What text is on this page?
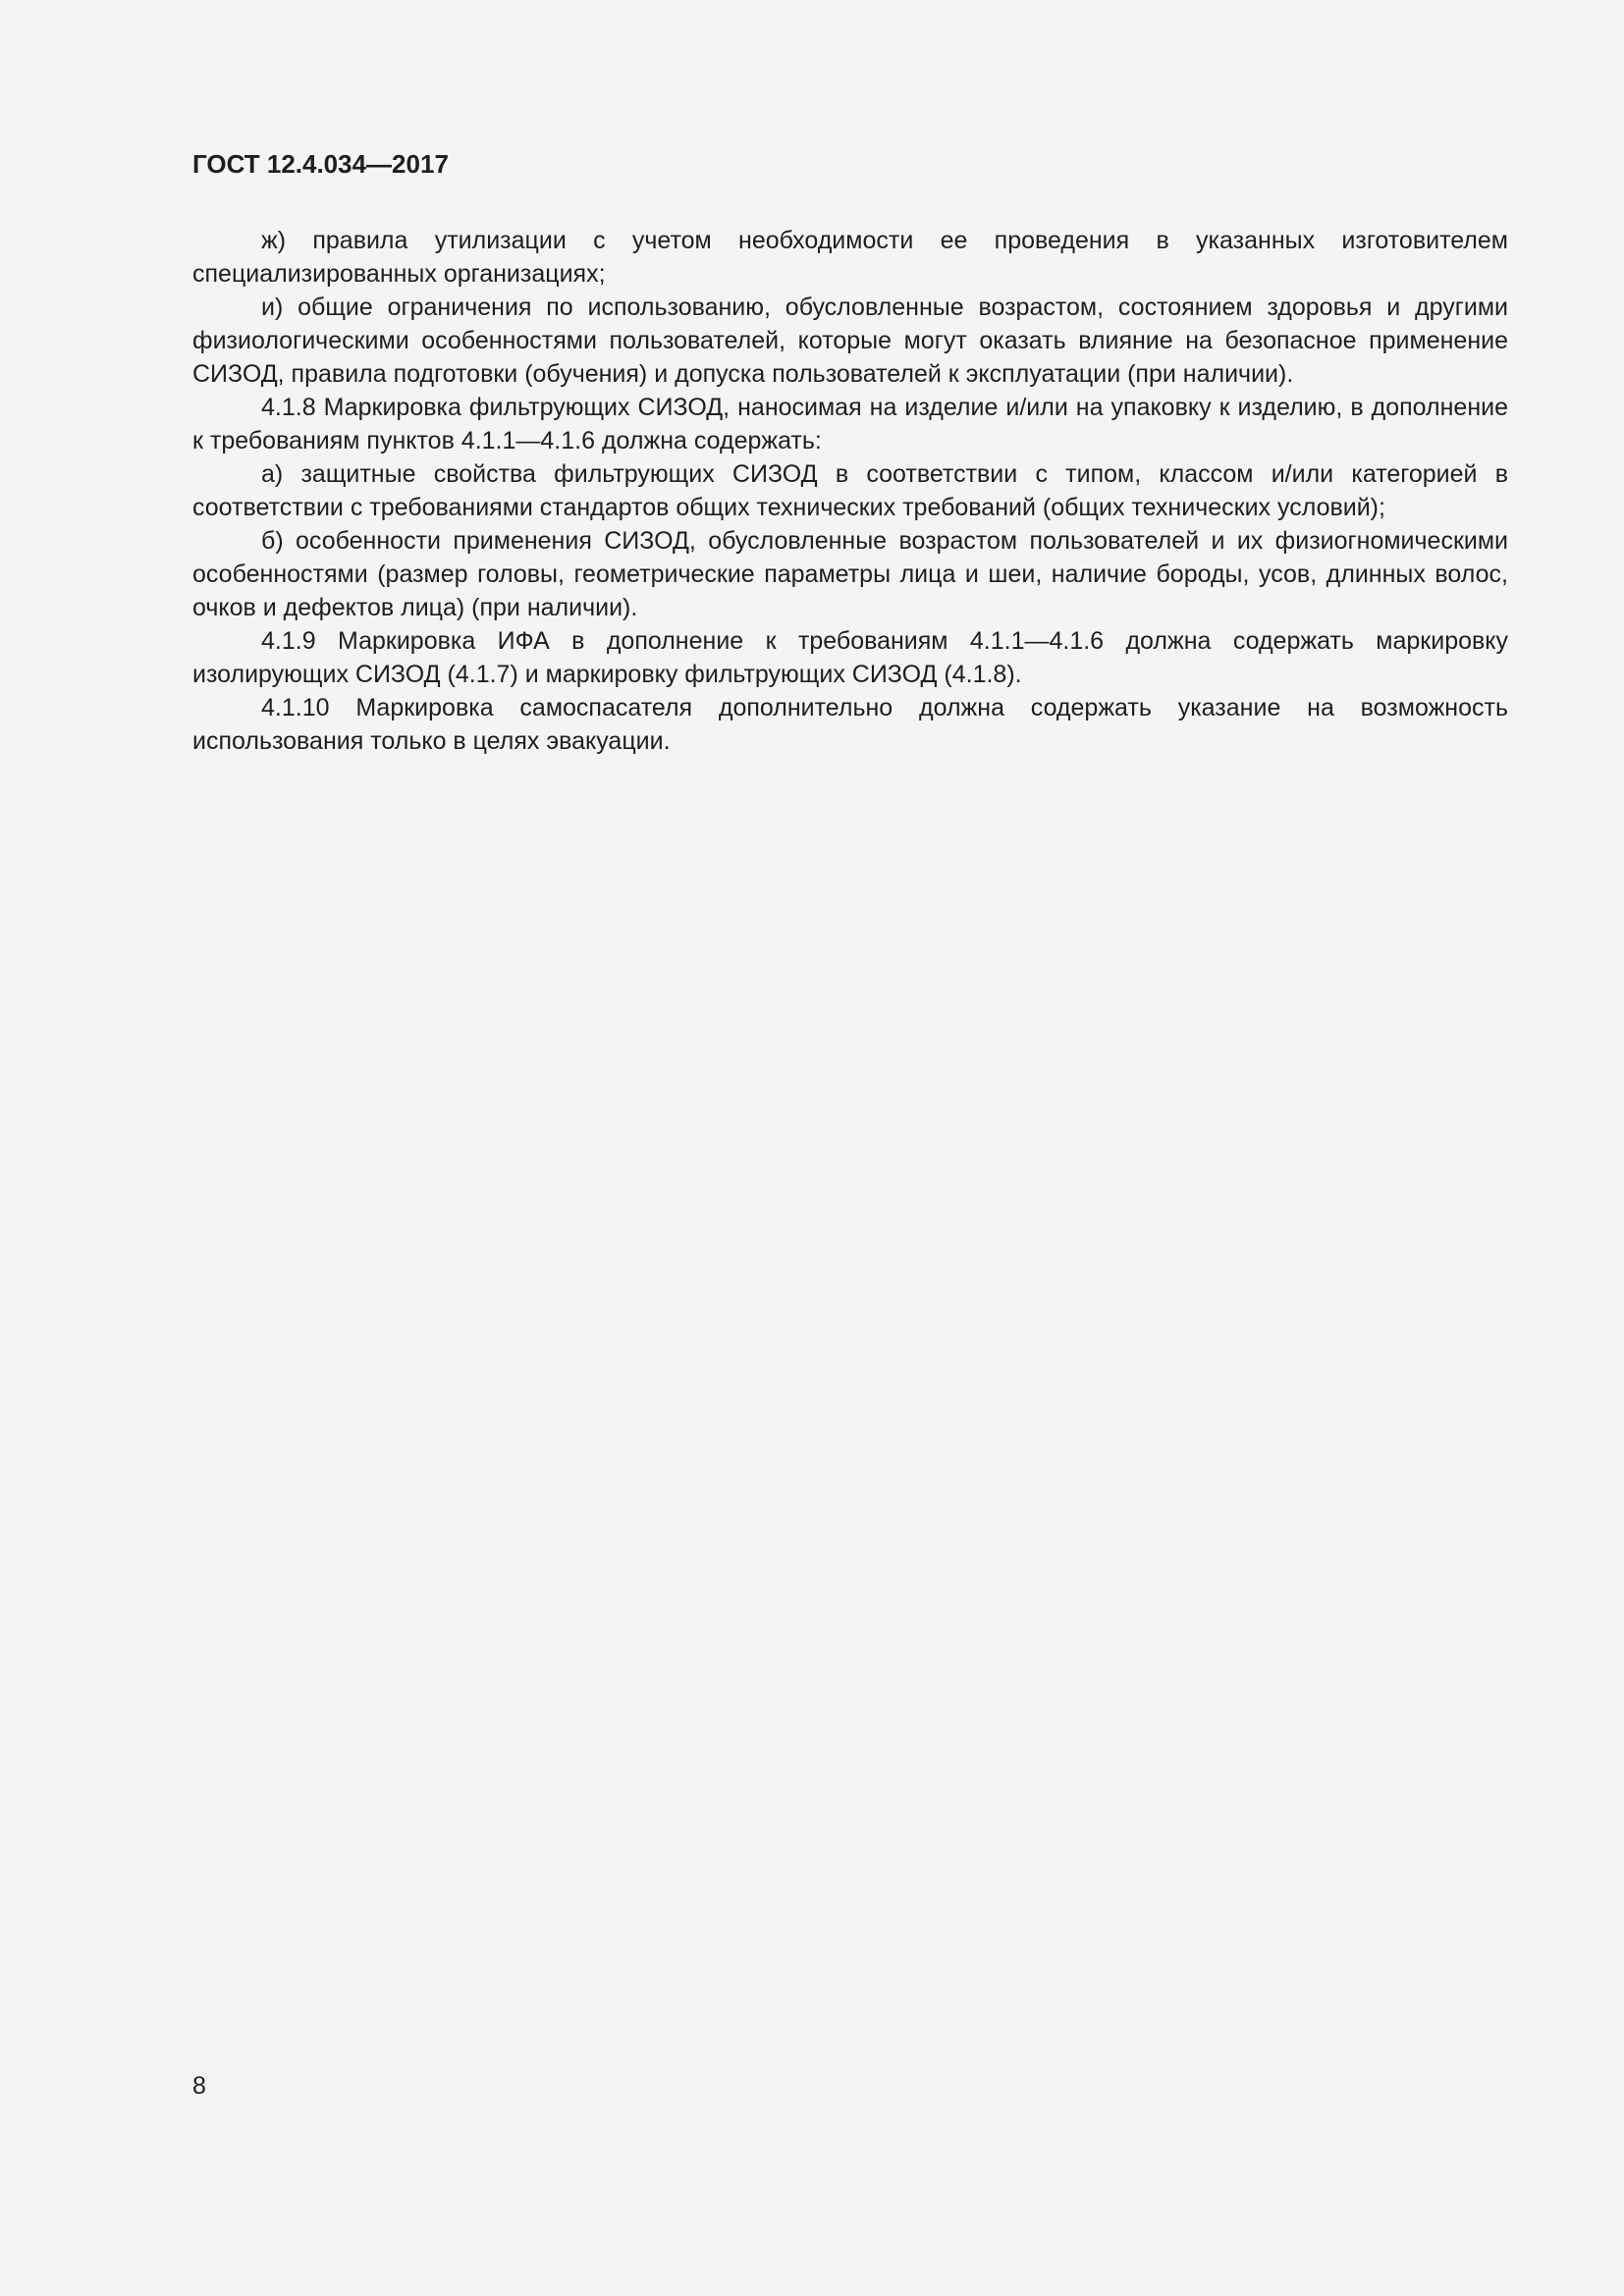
ГОСТ 12.4.034—2017

ж) правила утилизации с учетом необходимости ее проведения в указанных изготовителем специализированных организациях;

и) общие ограничения по использованию, обусловленные возрастом, состоянием здоровья и другими физиологическими особенностями пользователей, которые могут оказать влияние на безопасное применение СИЗОД, правила подготовки (обучения) и допуска пользователей к эксплуатации (при наличии).

4.1.8 Маркировка фильтрующих СИЗОД, наносимая на изделие и/или на упаковку к изделию, в дополнение к требованиям пунктов 4.1.1—4.1.6 должна содержать:

а) защитные свойства фильтрующих СИЗОД в соответствии с типом, классом и/или категорией в соответствии с требованиями стандартов общих технических требований (общих технических условий);

б) особенности применения СИЗОД, обусловленные возрастом пользователей и их физиогномическими особенностями (размер головы, геометрические параметры лица и шеи, наличие бороды, усов, длинных волос, очков и дефектов лица) (при наличии).

4.1.9 Маркировка ИФА в дополнение к требованиям 4.1.1—4.1.6 должна содержать маркировку изолирующих СИЗОД (4.1.7) и маркировку фильтрующих СИЗОД (4.1.8).

4.1.10 Маркировка самоспасателя дополнительно должна содержать указание на возможность использования только в целях эвакуации.

8
